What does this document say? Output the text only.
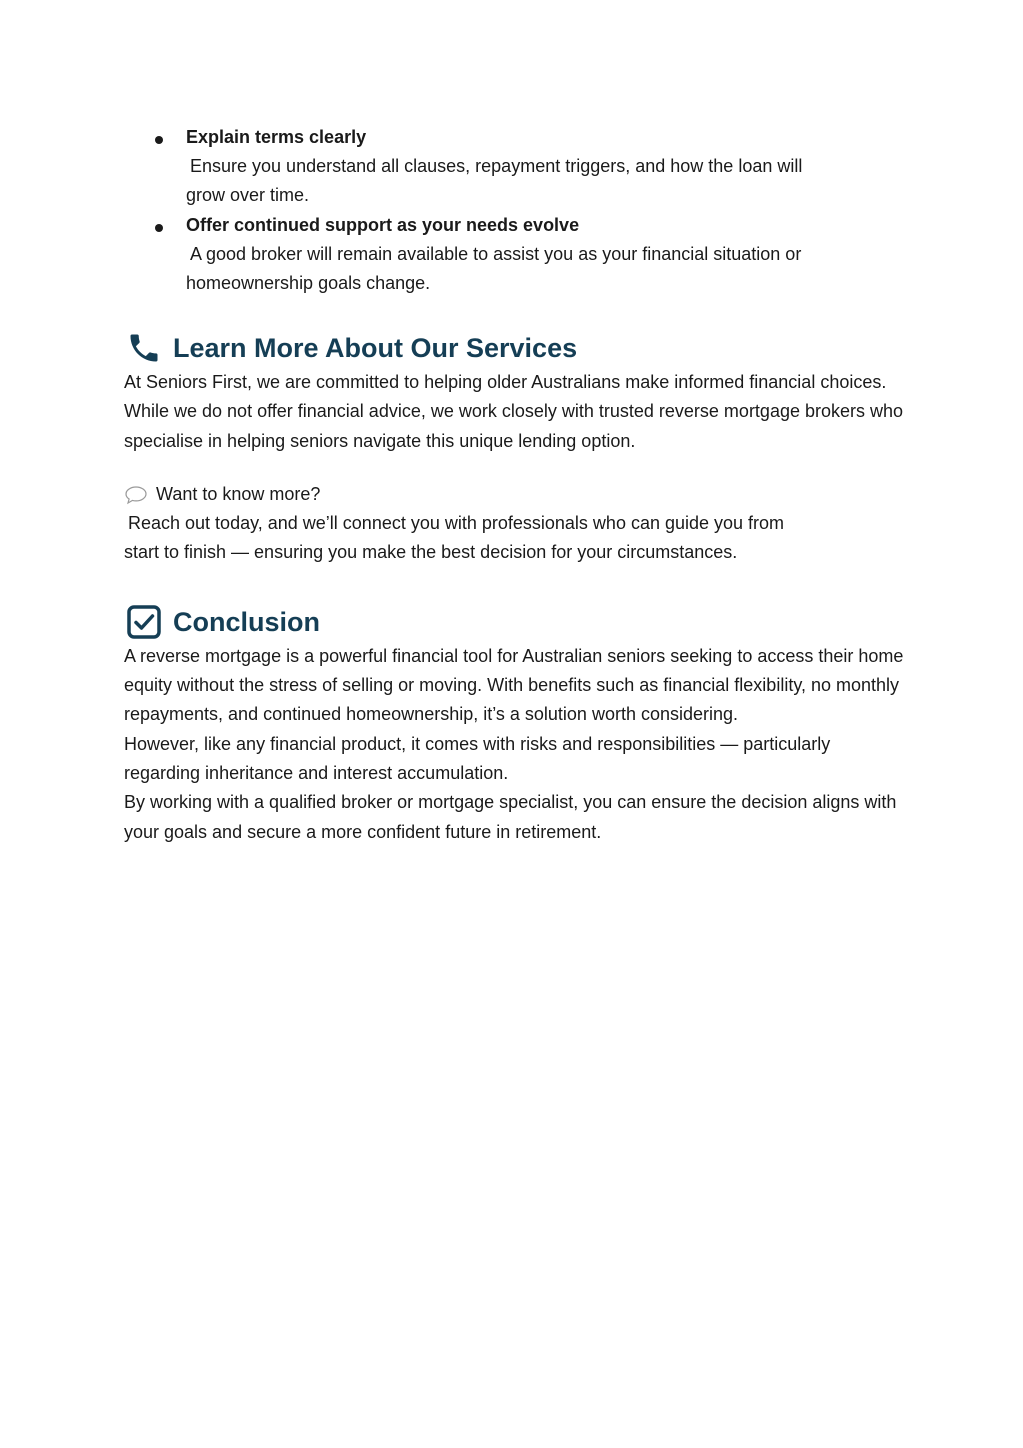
Explain terms clearly
Ensure you understand all clauses, repayment triggers, and how the loan will
grow over time.
Offer continued support as your needs evolve
A good broker will remain available to assist you as your financial situation or
homeownership goals change.
Learn More About Our Services

At Seniors First, we are committed to helping older Australians make informed financial choices. While we do not offer financial advice, we work closely with trusted reverse mortgage brokers who specialise in helping seniors navigate this unique lending option.

Want to know more?

Reach out today, and we’ll connect you with professionals who can guide you from

start to finish — ensuring you make the best decision for your circumstances.

Conclusion

A reverse mortgage is a powerful financial tool for Australian seniors seeking to access their home equity without the stress of selling or moving. With benefits such as financial flexibility, no monthly repayments, and continued homeownership, it’s a solution worth considering.

However, like any financial product, it comes with risks and responsibilities — particularly regarding inheritance and interest accumulation.

By working with a qualified broker or mortgage specialist, you can ensure the decision aligns with your goals and secure a more confident future in retirement.
